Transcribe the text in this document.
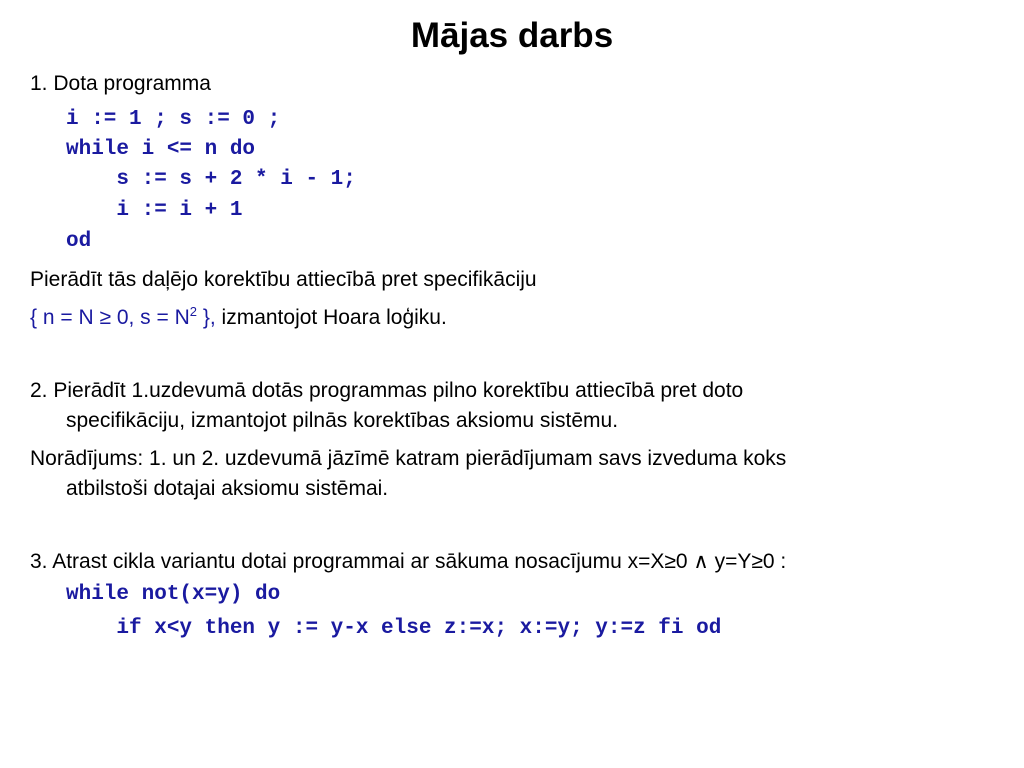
Mājas darbs
1. Dota programma
i := 1 ; s := 0 ;
while i <= n do
s := s + 2 * i - 1;
i := i + 1
od
Pierādīt tās daļējo korektību attiecībā pret specifikāciju
{ n = N ≥ 0, $s = N^2$ }, izmantojot Hoara loģiku.
2. Pierādīt 1.uzdevumā dotās programmas pilno korektību attiecībā pret doto
specifikāciju, izmantojot pilnās korektības aksiomu sistēmu.
Norādījums: 1. un 2. uzdevumā jāzīmē katram pierādījumam savs izveduma koks
atbilstoši dotajai aksiomu sistēmai.
3. Atrast cikla variantu dotai programmai ar sākuma nosacījumu x=X≥0 ∧ y=Y≥0 :
while not(x=y) do
if x<y then y := y-x else z:=x; x:=y; y:=z fi od
